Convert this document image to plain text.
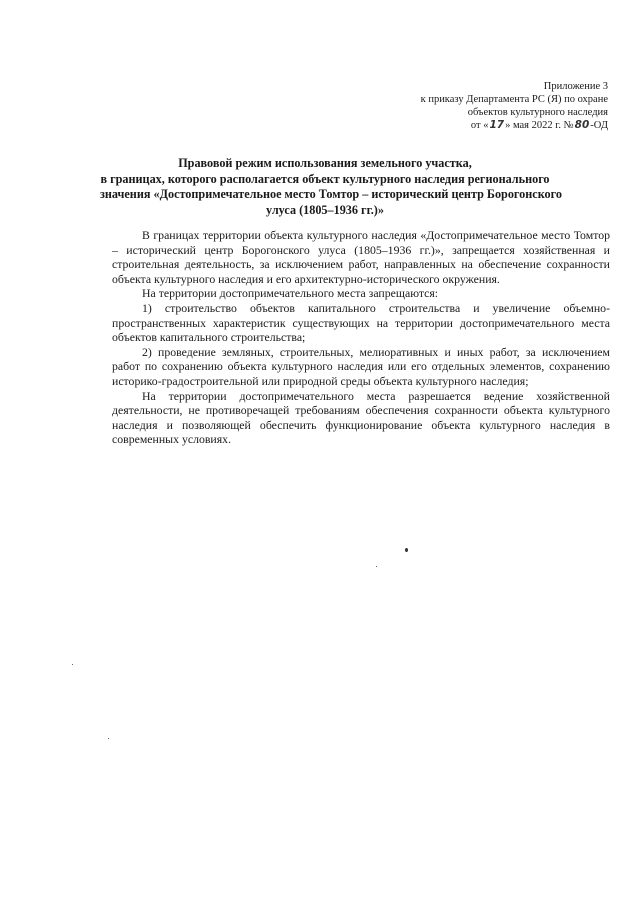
Приложение 3
к приказу Департамента РС (Я) по охране
объектов культурного наследия
от «17» мая 2022 г. №80-ОД
Правовой режим использования земельного участка,
в границах, которого располагается объект культурного наследия регионального
значения «Достопримечательное место Томтор – исторический центр Борогонского
улуса (1805–1936 гг.)»

В границах территории объекта культурного наследия «Достопримечательное место Томтор – исторический центр Борогонского улуса (1805–1936 гг.)», запрещается хозяйственная и строительная деятельность, за исключением работ, направленных на обеспечение сохранности объекта культурного наследия и его архитектурно-исторического окружения.

На территории достопримечательного места запрещаются:

1) строительство объектов капитального строительства и увеличение объемно-пространственных характеристик существующих на территории достопримечательного места объектов капитального строительства;

2) проведение земляных, строительных, мелиоративных и иных работ, за исключением работ по сохранению объекта культурного наследия или его отдельных элементов, сохранению историко-градостроительной или природной среды объекта культурного наследия;

На территории достопримечательного места разрешается ведение хозяйственной деятельности, не противоречащей требованиям обеспечения сохранности объекта культурного наследия и позволяющей обеспечить функционирование объекта культурного наследия в современных условиях.
